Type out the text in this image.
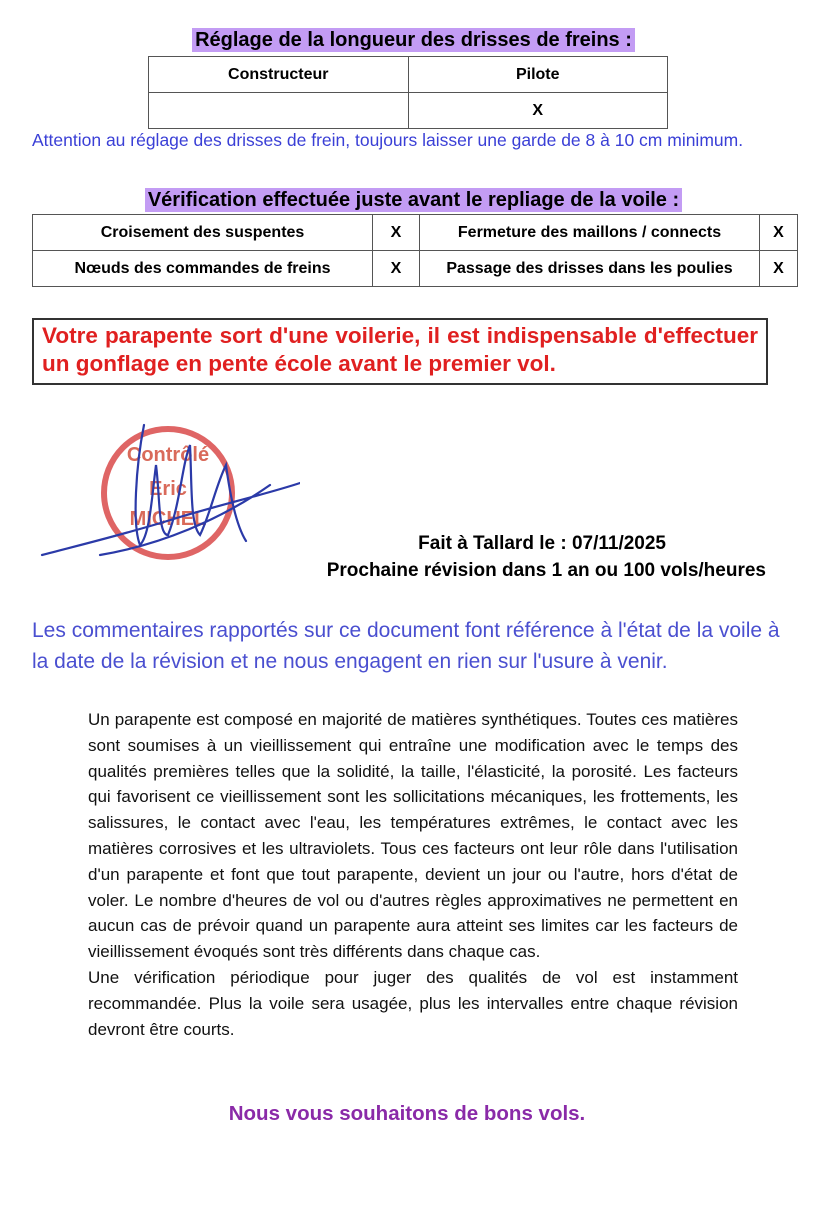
Réglage de la longueur des drisses de freins :
Constructeur	Pilote
	X
Attention au réglage des drisses de frein, toujours laisser une garde de 8 à 10 cm minimum.
Vérification effectuée juste avant le repliage de la voile :
Croisement des suspentes	X	Fermeture des maillons / connects	X
Nœuds des commandes de freins	X	Passage des drisses dans les poulies	X
Votre parapente sort d'une voilerie, il est indispensable d'effectuer un gonflage en pente école avant le premier vol.
Contrôlé
Eric
MICHEL
Fait à Tallard le : 07/11/2025
Prochaine révision dans 1 an ou 100 vols/heures
Les commentaires rapportés sur ce document font référence à l'état de la voile à la date de la révision et ne nous engagent en rien sur l'usure à venir.

Un parapente est composé en majorité de matières synthétiques. Toutes ces matières sont soumises à un vieillissement qui entraîne une modification avec le temps des qualités premières telles que la solidité, la taille, l'élasticité, la porosité. Les facteurs qui favorisent ce vieillissement sont les sollicitations mécaniques, les frottements, les salissures, le contact avec l'eau, les températures extrêmes, le contact avec les matières corrosives et les ultraviolets. Tous ces facteurs ont leur rôle dans l'utilisation d'un parapente et font que tout parapente, devient un jour ou l'autre, hors d'état de voler. Le nombre d'heures de vol ou d'autres règles approximatives ne permettent en aucun cas de prévoir quand un parapente aura atteint ses limites car les facteurs de vieillissement évoqués sont très différents dans chaque cas.

Une vérification périodique pour juger des qualités de vol est instamment recommandée. Plus la voile sera usagée, plus les intervalles entre chaque révision devront être courts.

Nous vous souhaitons de bons vols.
